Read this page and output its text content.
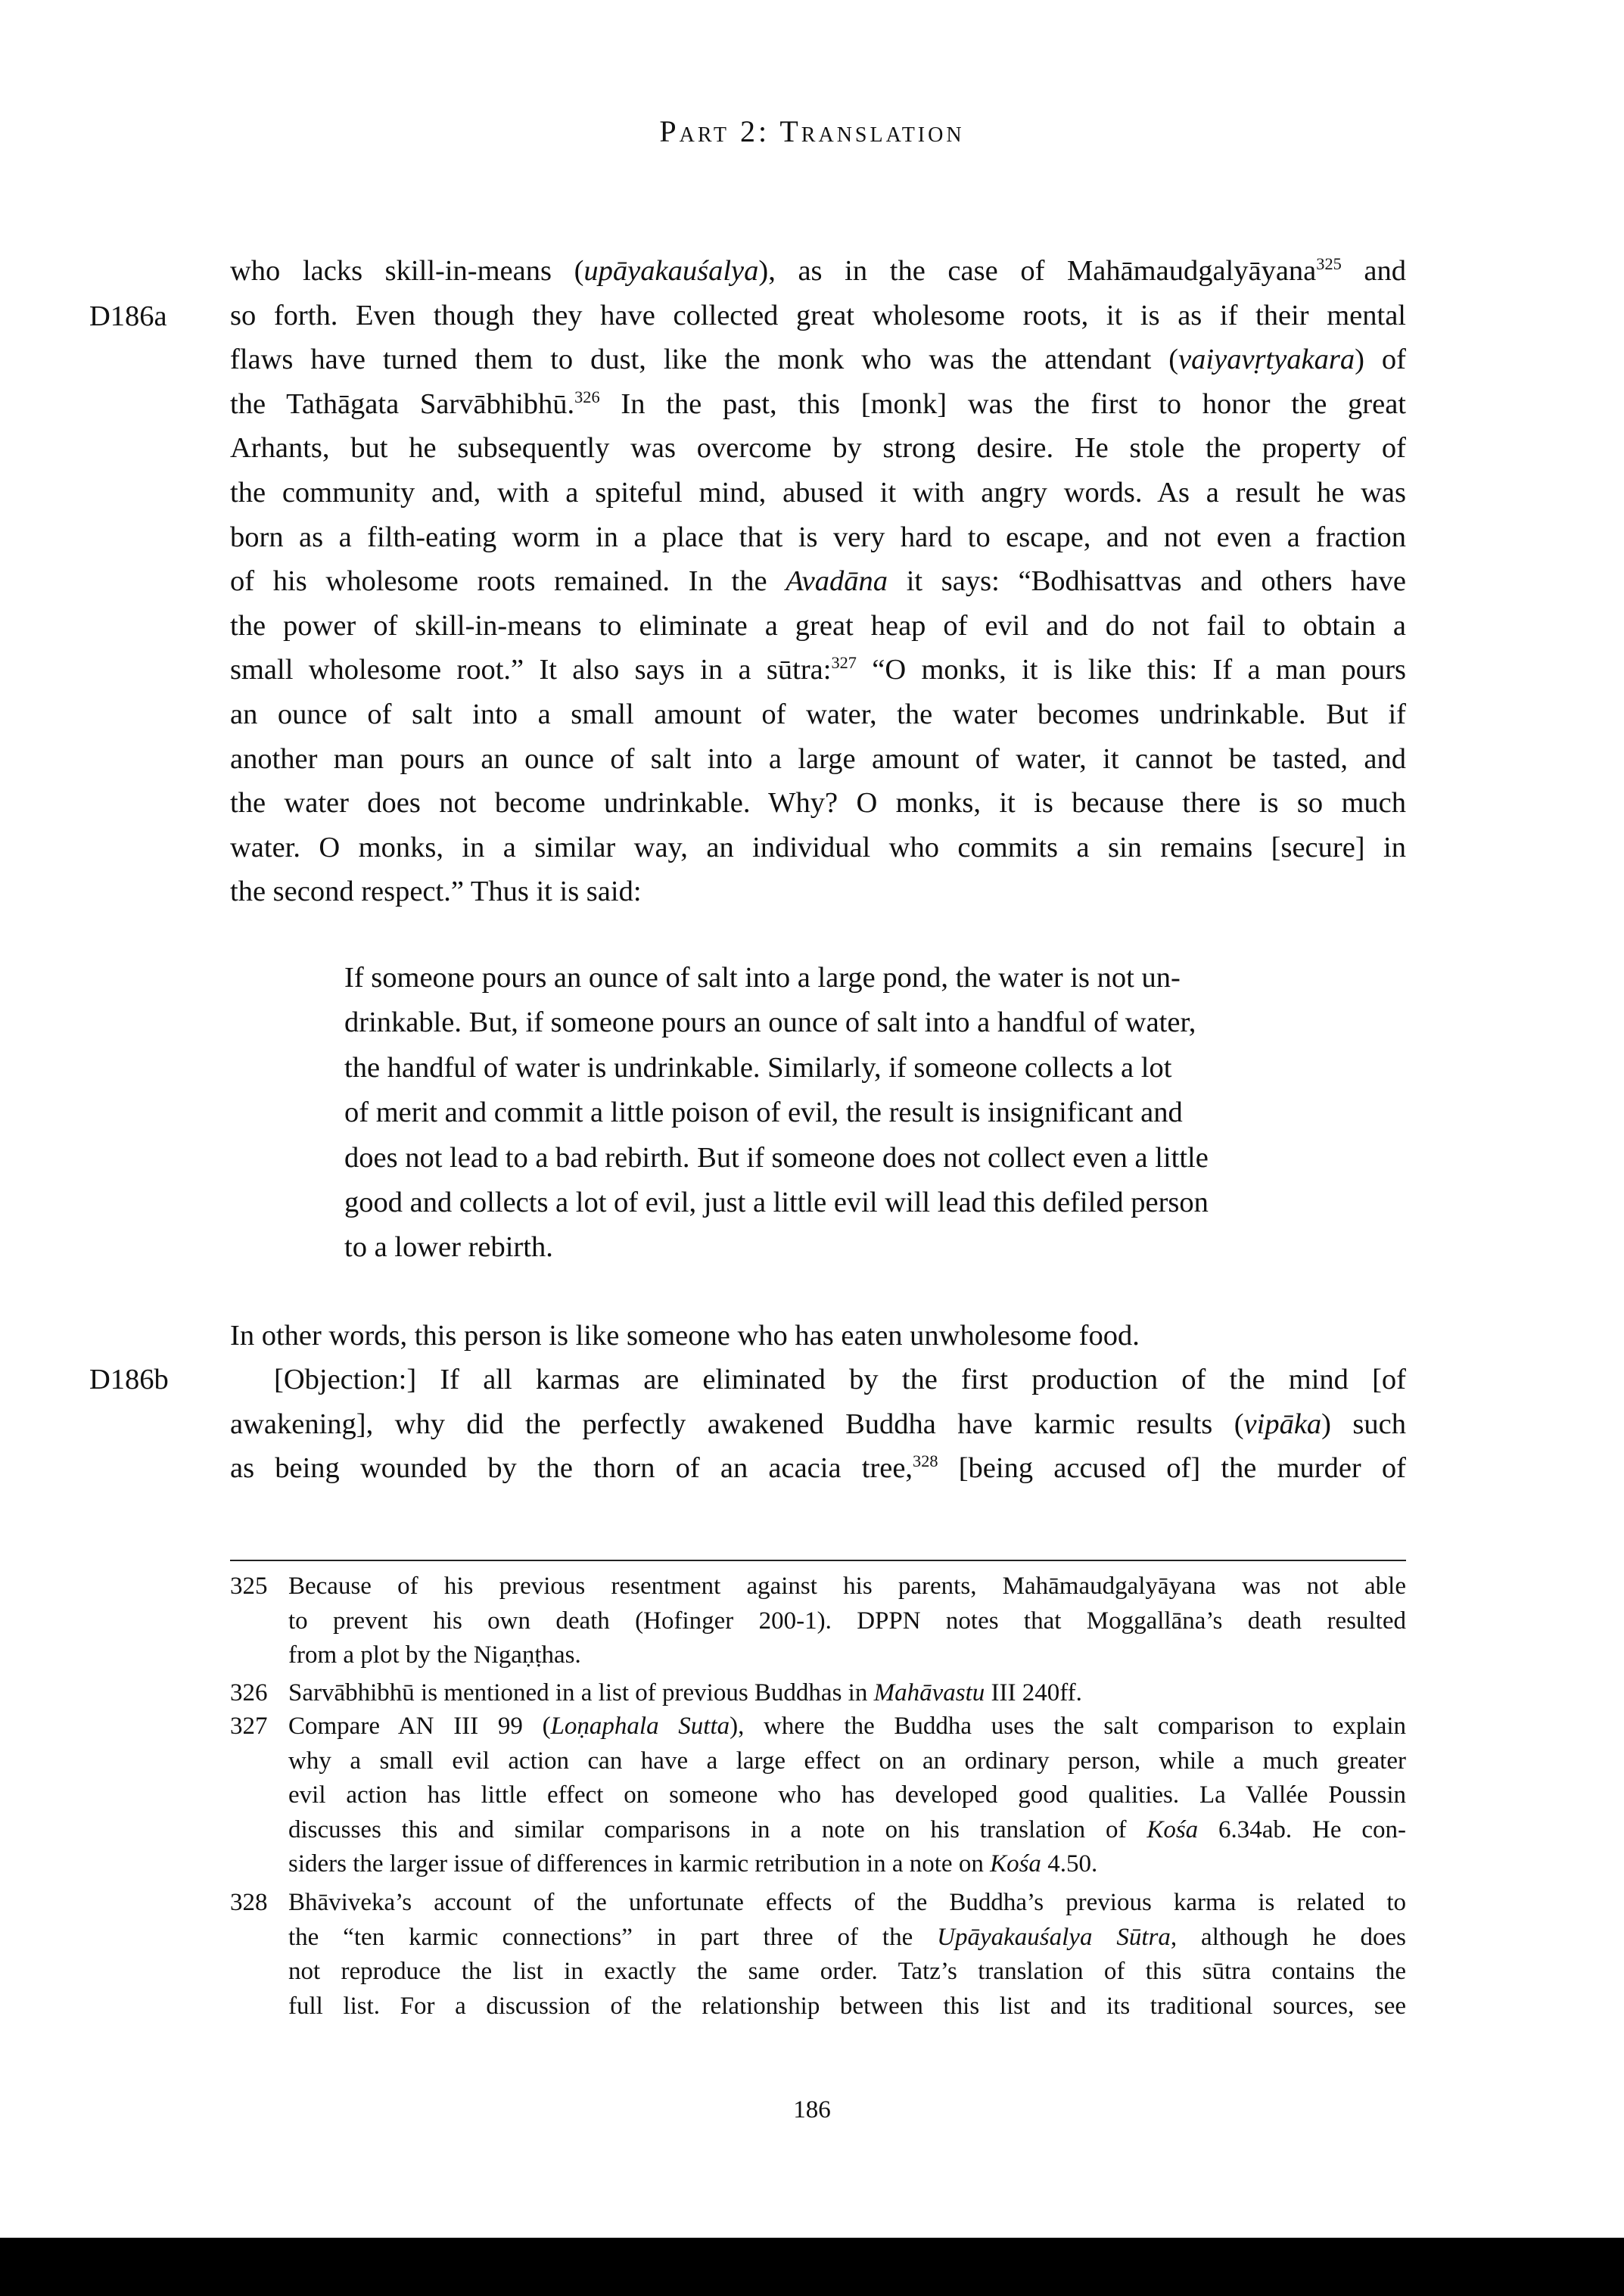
Part 2: Translation
D186a
D186b
who lacks skill-in-means (upāyakauśalya), as in the case of Mahāmaudgalyāyana$^{325}$ and
so forth. Even though they have collected great wholesome roots, it is as if their mental
flaws have turned them to dust, like the monk who was the attendant (vaiyavṛtyakara) of
the Tathāgata Sarvābhibhū.$^{326}$ In the past, this [monk] was the first to honor the great
Arhants, but he subsequently was overcome by strong desire. He stole the property of
the community and, with a spiteful mind, abused it with angry words. As a result he was
born as a filth-eating worm in a place that is very hard to escape, and not even a fraction
of his wholesome roots remained. In the Avadāna it says: “Bodhisattvas and others have
the power of skill-in-means to eliminate a great heap of evil and do not fail to obtain a
small wholesome root.” It also says in a sūtra:$^{327}$ “O monks, it is like this: If a man pours
an ounce of salt into a small amount of water, the water becomes undrinkable. But if
another man pours an ounce of salt into a large amount of water, it cannot be tasted, and
the water does not become undrinkable. Why? O monks, it is because there is so much
water. O monks, in a similar way, an individual who commits a sin remains [secure] in
the second respect.” Thus it is said:
If someone pours an ounce of salt into a large pond, the water is not un-
drinkable. But, if someone pours an ounce of salt into a handful of water,
the handful of water is undrinkable. Similarly, if someone collects a lot
of merit and commit a little poison of evil, the result is insignificant and
does not lead to a bad rebirth. But if someone does not collect even a little
good and collects a lot of evil, just a little evil will lead this defiled person
to a lower rebirth.
In other words, this person is like someone who has eaten unwholesome food.
[Objection:] If all karmas are eliminated by the first production of the mind [of
awakening], why did the perfectly awakened Buddha have karmic results (vipāka) such
as being wounded by the thorn of an acacia tree,$^{328}$ [being accused of] the murder of
325 Because of his previous resentment against his parents, Mahāmaudgalyāyana was not able
to prevent his own death (Hofinger 200-1). DPPN notes that Moggallāna’s death resulted
from a plot by the Nigaṇṭhas.
326 Sarvābhibhū is mentioned in a list of previous Buddhas in Mahāvastu III 240ff.
327 Compare AN III 99 (Loṇaphala Sutta), where the Buddha uses the salt comparison to explain
why a small evil action can have a large effect on an ordinary person, while a much greater
evil action has little effect on someone who has developed good qualities. La Vallée Poussin
discusses this and similar comparisons in a note on his translation of Kośa 6.34ab. He con-
siders the larger issue of differences in karmic retribution in a note on Kośa 4.50.
328 Bhāviveka’s account of the unfortunate effects of the Buddha’s previous karma is related to
the “ten karmic connections” in part three of the Upāyakauśalya Sūtra, although he does
not reproduce the list in exactly the same order. Tatz’s translation of this sūtra contains the
full list. For a discussion of the relationship between this list and its traditional sources, see
186
